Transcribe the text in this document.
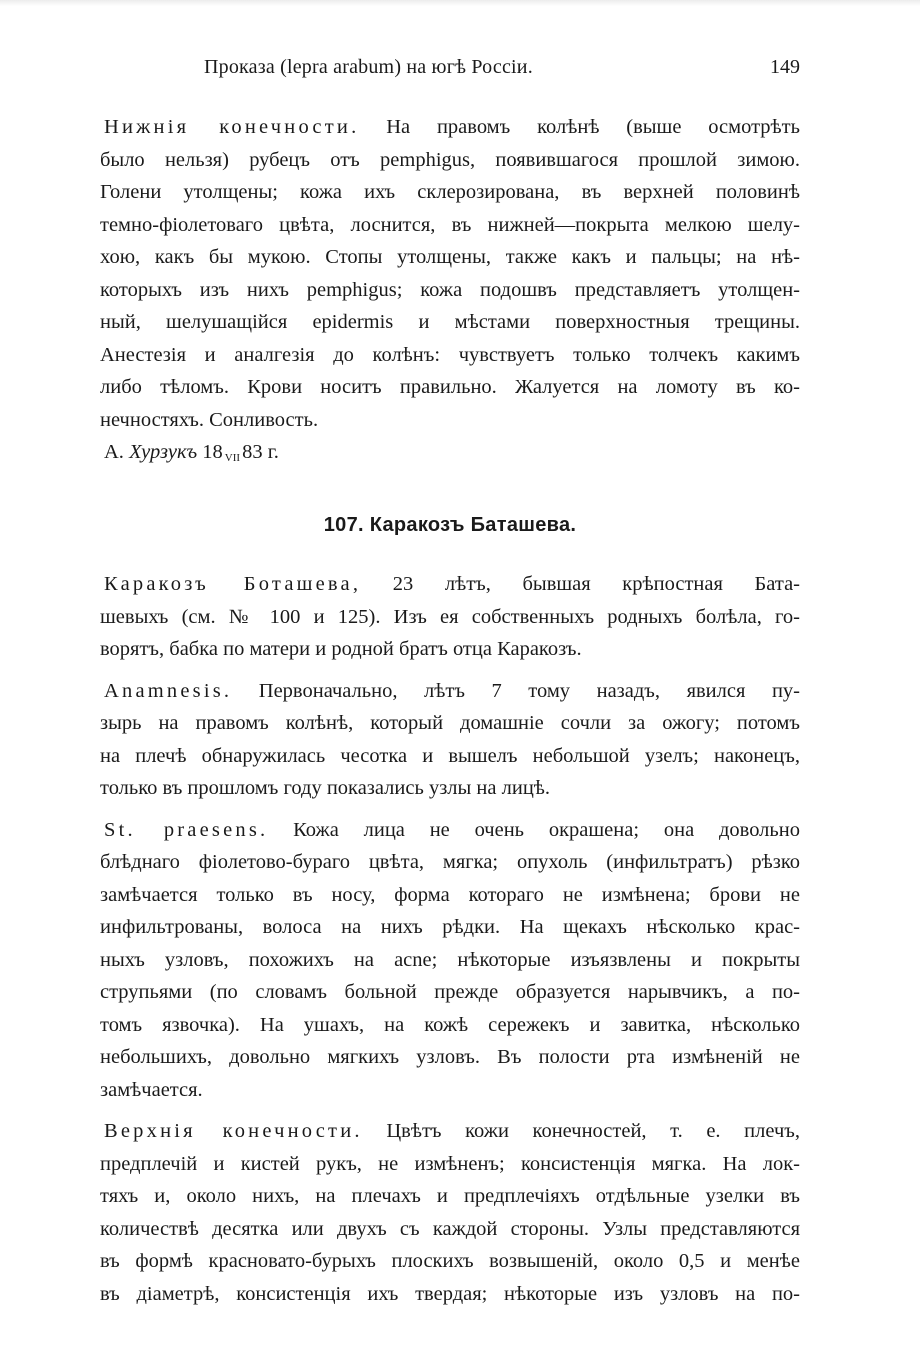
Проказа (lepra arabum) на югѣ Россіи.	149
Нижнія конечности. На правомъ колѣнѣ (выше осмотрѣть
было нельзя) рубецъ отъ pemphigus, появившагося прошлой зимою.
Голени утолщены; кожа ихъ склерозирована, въ верхней половинѣ
темно-фіолетоваго цвѣта, лоснится, въ нижней—покрыта мелкою шелу-
хою, какъ бы мукою. Стопы утолщены, также какъ и пальцы; на нѣ-
которыхъ изъ нихъ pemphigus; кожа подошвъ представляетъ утолщен-
ный, шелушащійся epidermis и мѣстами поверхностныя трещины.
Анестезія и аналгезія до колѣнъ: чувствуетъ только толчекъ какимъ
либо тѣломъ. Крови носитъ правильно. Жалуется на ломоту въ ко-
нечностяхъ. Сонливость.
А. Хурзукъ 18 $_{VII}$83 г.
107. Каракозъ Баташева.
Каракозъ Боташева, 23 лѣтъ, бывшая крѣпостная Бата-
шевыхъ (см. № 100 и 125). Изъ ея собственныхъ родныхъ болѣла, го-
ворятъ, бабка по матери и родной братъ отца Каракозъ.
Anamnesis. Первоначально, лѣтъ 7 тому назадъ, явился пу-
зырь на правомъ колѣнѣ, который домашніе сочли за ожогу; потомъ
на плечѣ обнаружилась чесотка и вышелъ небольшой узелъ; наконецъ,
только въ прошломъ году показались узлы на лицѣ.
St. praesens. Кожа лица не очень окрашена; она довольно
блѣднаго фіолетово-бураго цвѣта, мягка; опухоль (инфильтратъ) рѣзко
замѣчается только въ носу, форма котораго не измѣнена; брови не
инфильтрованы, волоса на нихъ рѣдки. На щекахъ нѣсколько крас-
ныхъ узловъ, похожихъ на acne; нѣкоторые изъязвлены и покрыты
струпьями (по словамъ больной прежде образуется нарывчикъ, а по-
томъ язвочка). На ушахъ, на кожѣ сережекъ и завитка, нѣсколько
небольшихъ, довольно мягкихъ узловъ. Въ полости рта измѣненій не
замѣчается.
Верхнія конечности. Цвѣтъ кожи конечностей, т. е. плечъ,
предплечій и кистей рукъ, не измѣненъ; консистенція мягка. На лок-
тяхъ и, около нихъ, на плечахъ и предплечіяхъ отдѣльные узелки въ
количествѣ десятка или двухъ съ каждой стороны. Узлы представляются
въ формѣ красновато-бурыхъ плоскихъ возвышеній, около 0,5 и менѣе
въ діаметрѣ, консистенція ихъ твердая; нѣкоторые изъ узловъ на по-
